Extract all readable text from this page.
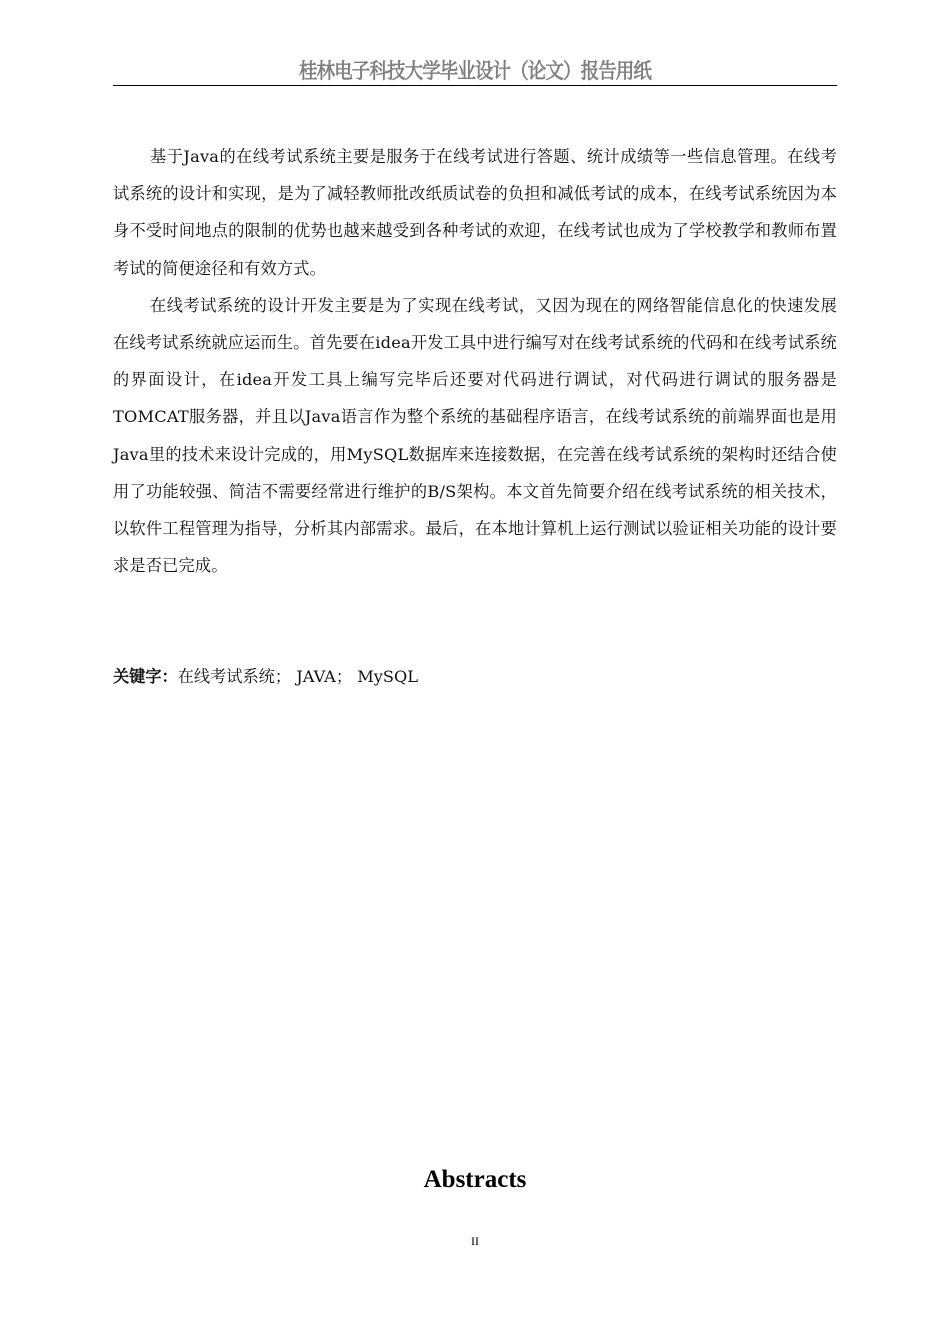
桂林电子科技大学毕业设计（论文）报告用纸

基于Java的在线考试系统主要是服务于在线考试进行答题、统计成绩等一些信息管理。在线考试系统的设计和实现，是为了减轻教师批改纸质试卷的负担和减低考试的成本，在线考试系统因为本身不受时间地点的限制的优势也越来越受到各种考试的欢迎，在线考试也成为了学校教学和教师布置考试的简便途径和有效方式。

在线考试系统的设计开发主要是为了实现在线考试，又因为现在的网络智能信息化的快速发展在线考试系统就应运而生。首先要在idea开发工具中进行编写对在线考试系统的代码和在线考试系统的界面设计，在idea开发工具上编写完毕后还要对代码进行调试，对代码进行调试的服务器是TOMCAT服务器，并且以Java语言作为整个系统的基础程序语言，在线考试系统的前端界面也是用Java里的技术来设计完成的，用MySQL数据库来连接数据，在完善在线考试系统的架构时还结合使用了功能较强、简洁不需要经常进行维护的B/S架构。本文首先简要介绍在线考试系统的相关技术，以软件工程管理为指导，分析其内部需求。最后，在本地计算机上运行测试以验证相关功能的设计要求是否已完成。

关键字：在线考试系统； JAVA； MySQL
Abstracts
II
